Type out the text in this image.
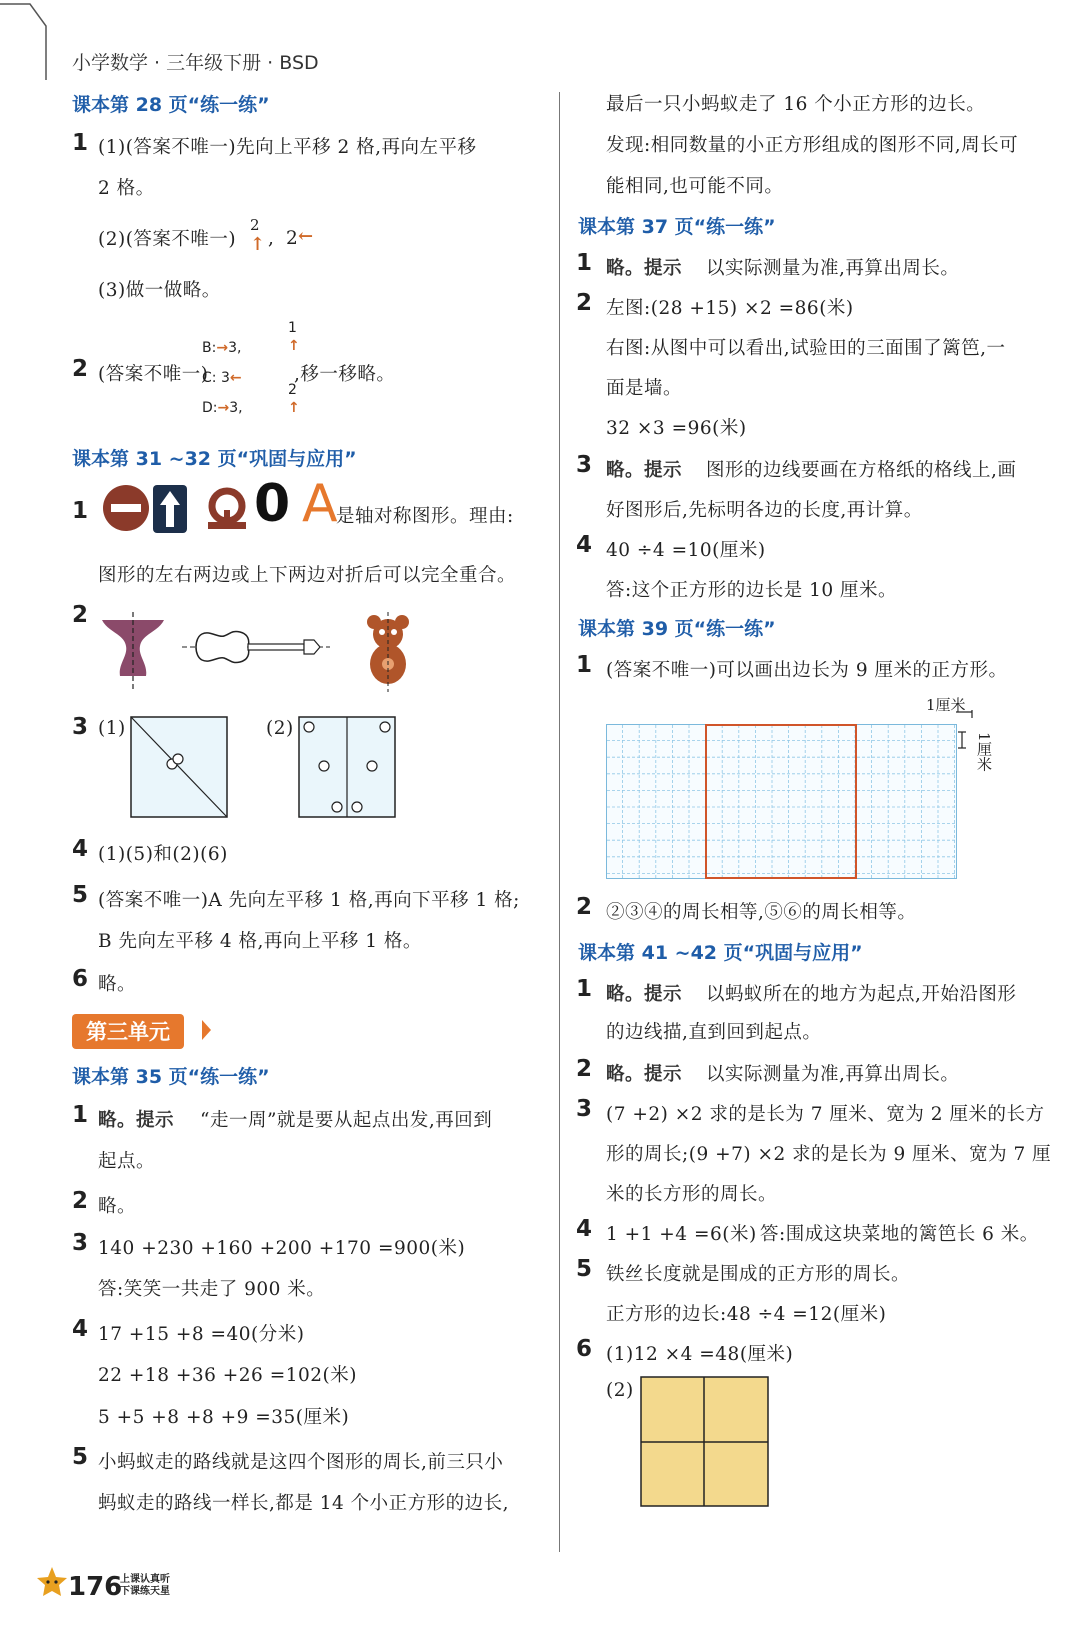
小学数学 · 三年级下册 · BSD
课本第 28 页“练一练”
1 (1)(答案不唯一)先向上平移 2 格,再向左平移
2 格。
(2)(答案不唯一)
2
↑ , 2 ←
(3)做一做略。
2 (答案不唯一)
B:→3,
1
↑
C: 3←
2
D:→3,	↑
,移一移略。
课本第 31 ~32 页“巩固与应用”
1	0 A
是轴对称图形。理由:
图形的左右两边或上下两边对折后可以完全重合。
2
3 (1)	(2)
4 (1)(5)和(2)(6)
5 (答案不唯一)A 先向左平移 1 格,再向下平移 1 格;
B 先向左平移 4 格,再向上平移 1 格。
6 略。
第三单元
课本第 35 页“练一练”
1 略。提示 “走一周”就是要从起点出发,再回到
起点。
2 略。
3 140 +230 +160 +200 +170 =900(米)
答:笑笑一共走了 900 米。
4 17 +15 +8 =40(分米)
22 +18 +36 +26 =102(米)
5 +5 +8 +8 +9 =35(厘米)
5 小蚂蚁走的路线就是这四个图形的周长,前三只小
蚂蚁走的路线一样长,都是 14 个小正方形的边长,
最后一只小蚂蚁走了 16 个小正方形的边长。
发现:相同数量的小正方形组成的图形不同,周长可
能相同,也可能不同。
课本第 37 页“练一练”
1 略。提示 以实际测量为准,再算出周长。
2 左图:(28 +15) ×2 =86(米)
右图:从图中可以看出,试验田的三面围了篱笆,一
面是墙。
32 ×3 =96(米)
3 略。提示 图形的边线要画在方格纸的格线上,画
好图形后,先标明各边的长度,再计算。
4 40 ÷4 =10(厘米)
答:这个正方形的边长是 10 厘米。
课本第 39 页“练一练”
1 (答案不唯一)可以画出边长为 9 厘米的正方形。
1厘米
1厘米
2 ②③④的周长相等,⑤⑥的周长相等。
课本第 41 ~42 页“巩固与应用”
1 略。提示 以蚂蚁所在的地方为起点,开始沿图形
的边线描,直到回到起点。
2 略。提示 以实际测量为准,再算出周长。
3 (7 +2) ×2 求的是长为 7 厘米、宽为 2 厘米的长方
形的周长;(9 +7) ×2 求的是长为 9 厘米、宽为 7 厘
米的长方形的周长。
4 1 +1 +4 =6(米) 答:围成这块菜地的篱笆长 6 米。
5 铁丝长度就是围成的正方形的周长。
正方形的边长:48 ÷4 =12(厘米)
6 (1)12 ×4 =48(厘米)
(2)
176
上课认真听
下课练天星
